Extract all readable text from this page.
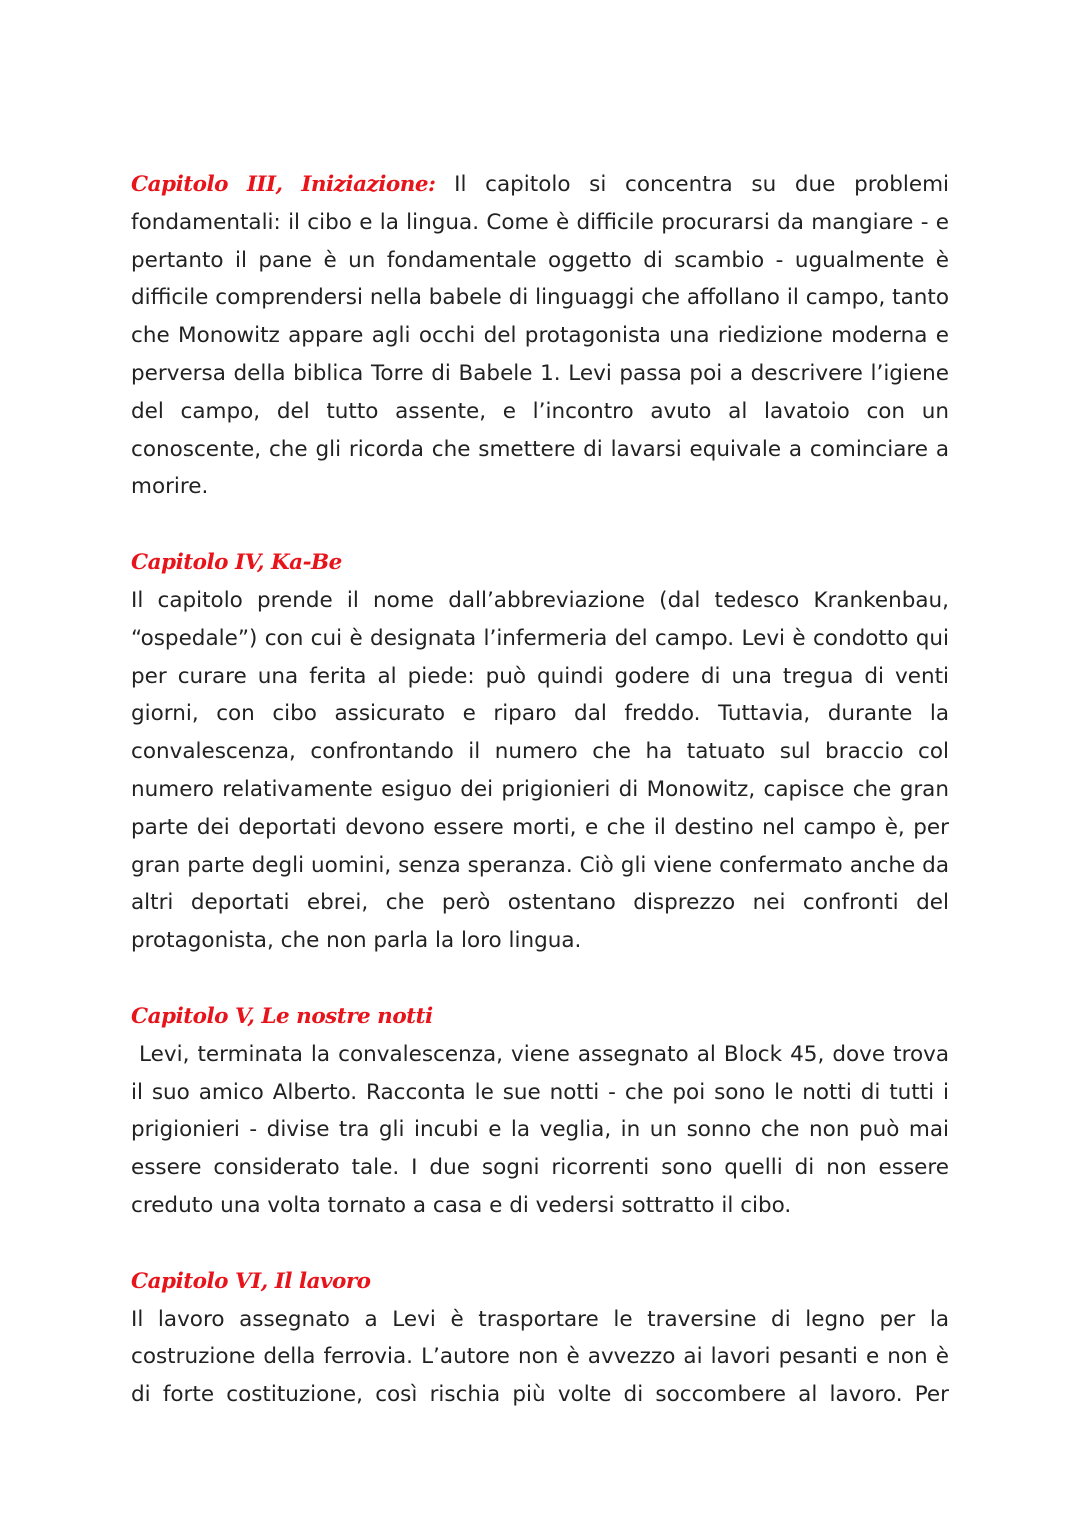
Capitolo III, Iniziazione: Il capitolo si concentra su due problemi fondamentali: il cibo e la lingua. Come è difficile procurarsi da mangiare - e pertanto il pane è un fondamentale oggetto di scambio - ugualmente è difficile comprendersi nella babele di linguaggi che affollano il campo, tanto che Monowitz appare agli occhi del protagonista una riedizione moderna e perversa della biblica Torre di Babele 1. Levi passa poi a descrivere l’igiene del campo, del tutto assente, e l’incontro avuto al lavatoio con un conoscente, che gli ricorda che smettere di lavarsi equivale a cominciare a morire.

Capitolo IV, Ka-Be

Il capitolo prende il nome dall’abbreviazione (dal tedesco Krankenbau, “ospedale”) con cui è designata l’infermeria del campo. Levi è condotto qui per curare una ferita al piede: può quindi godere di una tregua di venti giorni, con cibo assicurato e riparo dal freddo. Tuttavia, durante la convalescenza, confrontando il numero che ha tatuato sul braccio col numero relativamente esiguo dei prigionieri di Monowitz, capisce che gran parte dei deportati devono essere morti, e che il destino nel campo è, per gran parte degli uomini, senza speranza. Ciò gli viene confermato anche da altri deportati ebrei, che però ostentano disprezzo nei confronti del protagonista, che non parla la loro lingua.

Capitolo V, Le nostre notti

Levi, terminata la convalescenza, viene assegnato al Block 45, dove trova il suo amico Alberto. Racconta le sue notti - che poi sono le notti di tutti i prigionieri - divise tra gli incubi e la veglia, in un sonno che non può mai essere considerato tale. I due sogni ricorrenti sono quelli di non essere creduto una volta tornato a casa e di vedersi sottratto il cibo.

Capitolo VI, Il lavoro

Il lavoro assegnato a Levi è trasportare le traversine di legno per la costruzione della ferrovia. L’autore non è avvezzo ai lavori pesanti e non è di forte costituzione, così rischia più volte di soccombere al lavoro. Per
